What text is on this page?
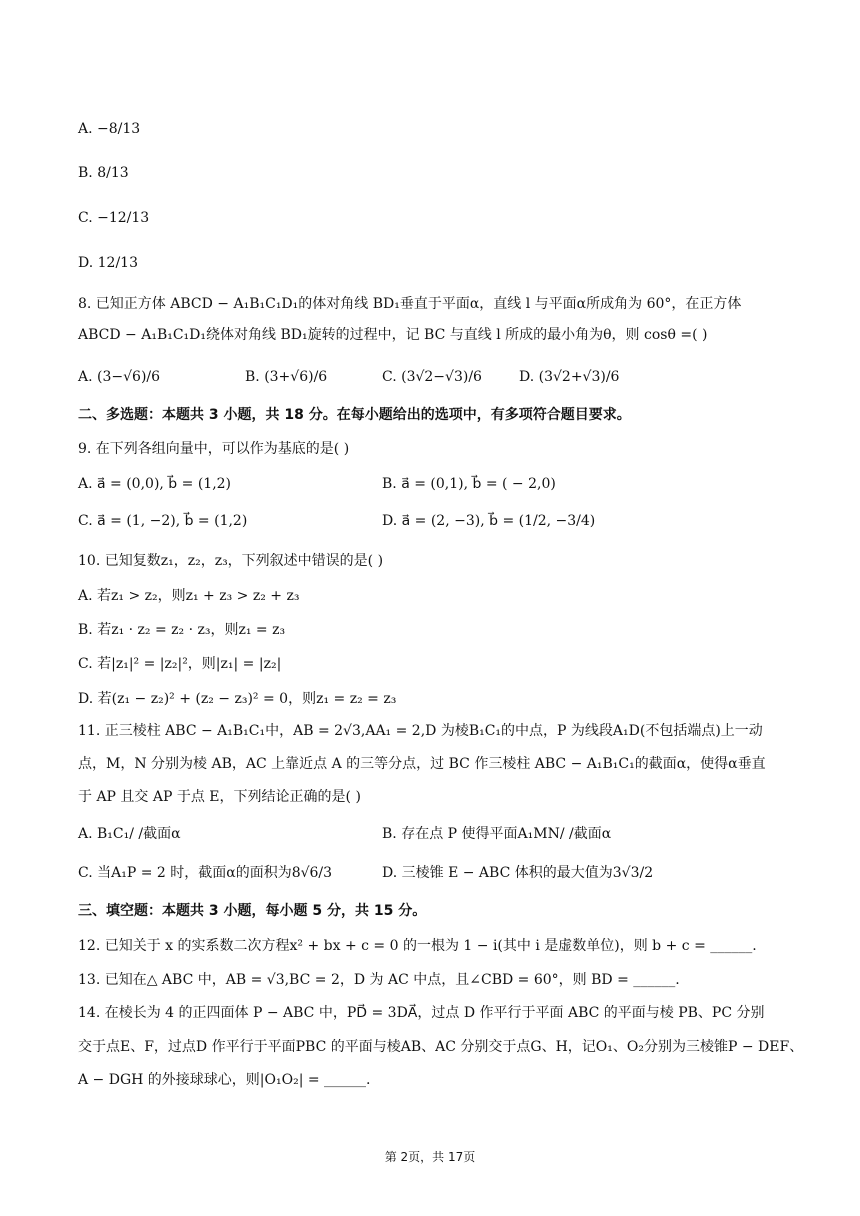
A. −8/13
B. 8/13
C. −12/13
D. 12/13
8. 已知正方体 ABCD − A₁B₁C₁D₁的体对角线 BD₁垂直于平面α，直线 l 与平面α所成角为 60°，在正方体
ABCD − A₁B₁C₁D₁绕体对角线 BD₁旋转的过程中，记 BC 与直线 l 所成的最小角为θ，则 cosθ =( )
A. (3−√6)/6	B. (3+√6)/6	C. (3√2−√3)/6	D. (3√2+√3)/6
二、多选题：本题共 3 小题，共 18 分。在每小题给出的选项中，有多项符合题目要求。
9. 在下列各组向量中，可以作为基底的是( )
A. a⃗ = (0,0), b⃗ = (1,2)	B. a⃗ = (0,1), b⃗ = ( − 2,0)
C. a⃗ = (1, −2), b⃗ = (1,2)	D. a⃗ = (2, −3), b⃗ = (1/2, −3/4)
10. 已知复数z₁，z₂，z₃，下列叙述中错误的是( )
A. 若z₁ > z₂，则z₁ + z₃ > z₂ + z₃
B. 若z₁ · z₂ = z₂ · z₃，则z₁ = z₃
C. 若|z₁|² = |z₂|²，则|z₁| = |z₂|
D. 若(z₁ − z₂)² + (z₂ − z₃)² = 0，则z₁ = z₂ = z₃
11. 正三棱柱 ABC − A₁B₁C₁中，AB = 2√3,AA₁ = 2,D 为棱B₁C₁的中点，P 为线段A₁D(不包括端点)上一动
点，M，N 分别为棱 AB，AC 上靠近点 A 的三等分点，过 BC 作三棱柱 ABC − A₁B₁C₁的截面α，使得α垂直
于 AP 且交 AP 于点 E，下列结论正确的是( )
A. B₁C₁/ /截面α	B. 存在点 P 使得平面A₁MN/ /截面α
C. 当A₁P = 2 时，截面α的面积为8√6/3	D. 三棱锥 E − ABC 体积的最大值为3√3/2
三、填空题：本题共 3 小题，每小题 5 分，共 15 分。
12. 已知关于 x 的实系数二次方程x² + bx + c = 0 的一根为 1 − i(其中 i 是虚数单位)，则 b + c = ______.
13. 已知在△ ABC 中，AB = √3,BC = 2，D 为 AC 中点，且∠CBD = 60°，则 BD = ______.
14. 在棱长为 4 的正四面体 P − ABC 中，PD⃗ = 3DA⃗，过点 D 作平行于平面 ABC 的平面与棱 PB、PC 分别
交于点E、F，过点D 作平行于平面PBC 的平面与棱AB、AC 分别交于点G、H，记O₁、O₂分别为三棱锥P − DEF、
A − DGH 的外接球球心，则|O₁O₂| = ______.
第 2页，共 17页
